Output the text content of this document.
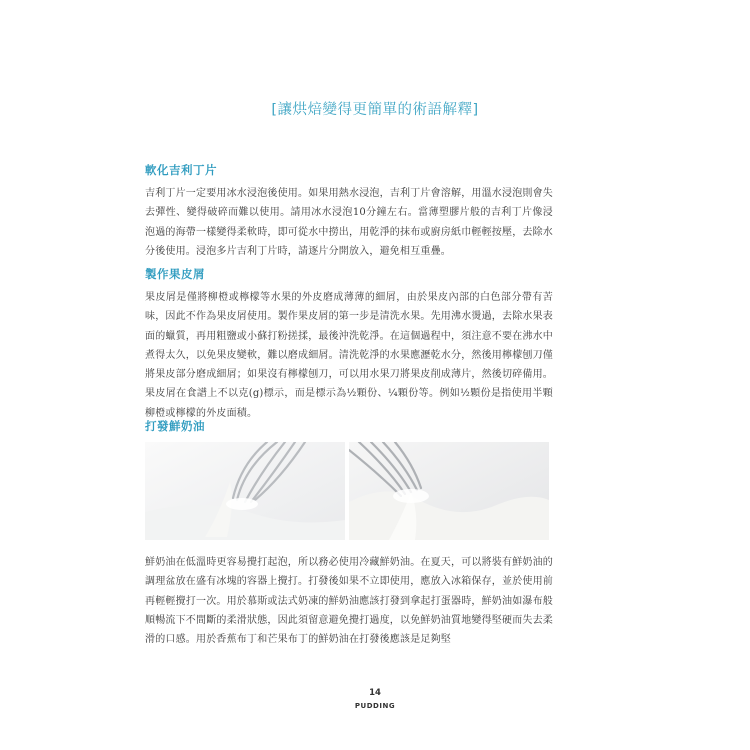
[讓烘焙變得更簡單的術語解釋]
軟化吉利丁片

吉利丁片一定要用冰水浸泡後使用。如果用熱水浸泡，吉利丁片會溶解，用溫水浸泡則會失去彈性、變得破碎而難以使用。請用冰水浸泡10分鐘左右。當薄塑膠片般的吉利丁片像浸泡過的海帶一樣變得柔軟時，即可從水中撈出，用乾淨的抹布或廚房紙巾輕輕按壓，去除水分後使用。浸泡多片吉利丁片時，請逐片分開放入，避免相互重疊。

製作果皮屑

果皮屑是僅將柳橙或檸檬等水果的外皮磨成薄薄的細屑，由於果皮內部的白色部分帶有苦味，因此不作為果皮屑使用。製作果皮屑的第一步是清洗水果。先用沸水燙過，去除水果表面的蠟質，再用粗鹽或小蘇打粉搓揉，最後沖洗乾淨。在這個過程中，須注意不要在沸水中煮得太久，以免果皮變軟，難以磨成細屑。清洗乾淨的水果應瀝乾水分，然後用檸檬刨刀僅將果皮部分磨成細屑；如果沒有檸檬刨刀，可以用水果刀將果皮削成薄片，然後切碎備用。果皮屑在食譜上不以克(g)標示，而是標示為½顆份、¼顆份等。例如½顆份是指使用半顆柳橙或檸檬的外皮面積。

打發鮮奶油

鮮奶油在低溫時更容易攪打起泡，所以務必使用冷藏鮮奶油。在夏天，可以將裝有鮮奶油的調理盆放在盛有冰塊的容器上攪打。打發後如果不立即使用，應放入冰箱保存，並於使用前再輕輕攪打一次。用於慕斯或法式奶凍的鮮奶油應該打發到拿起打蛋器時，鮮奶油如瀑布般順暢流下不間斷的柔滑狀態，因此須留意避免攪打過度，以免鮮奶油質地變得堅硬而失去柔滑的口感。用於香蕉布丁和芒果布丁的鮮奶油在打發後應該是足夠堅

14
PUDDING
